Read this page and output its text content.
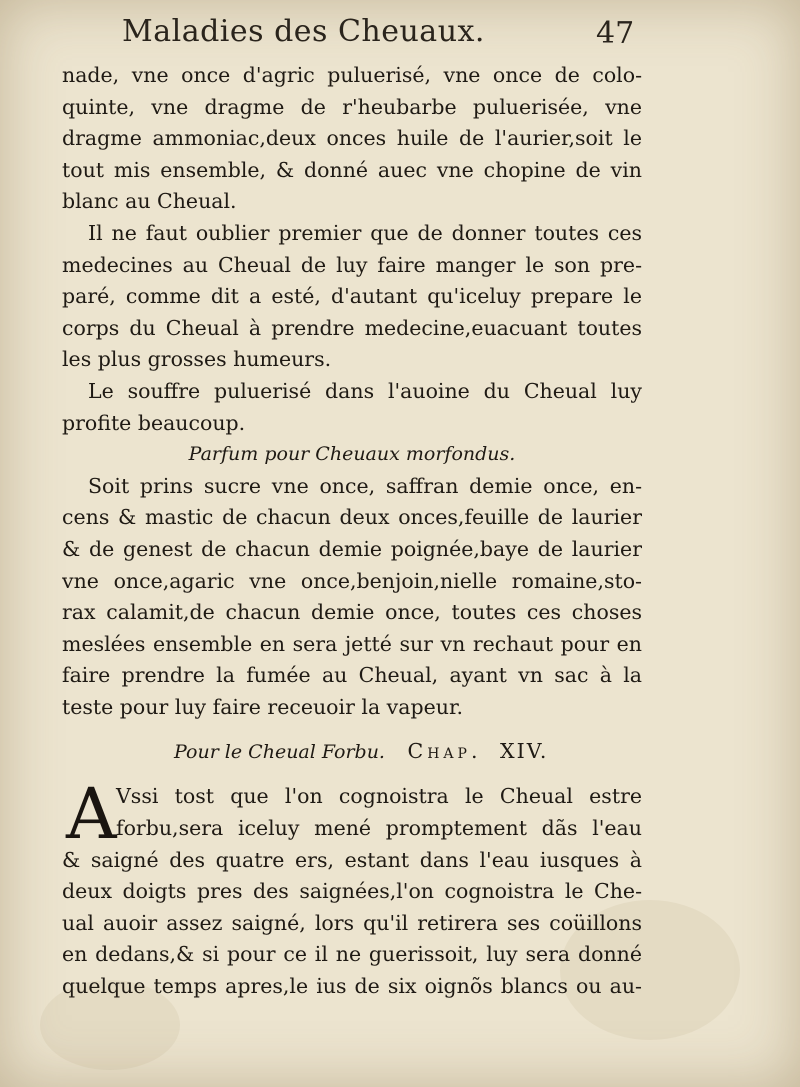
Maladies des Cheuaux.	47
nade, vne once d'agric puluerisé, vne once de colo-
quinte, vne dragme de r'heubarbe puluerisée, vne
dragme ammoniac,deux onces huile de l'aurier,soit le
tout mis ensemble, & donné auec vne chopine de vin
blanc au Cheual.
Il ne faut oublier premier que de donner toutes ces
medecines au Cheual de luy faire manger le son pre-
paré, comme dit a esté, d'autant qu'iceluy prepare le
corps du Cheual à prendre medecine,euacuant toutes
les plus grosses humeurs.
Le souffre puluerisé dans l'auoine du Cheual luy
profite beaucoup.
Parfum pour Cheuaux morfondus.
Soit prins sucre vne once, saffran demie once, en-
cens & mastic de chacun deux onces,feuille de laurier
& de genest de chacun demie poignée,baye de laurier
vne once,agaric vne once,benjoin,nielle romaine,sto-
rax calamit,de chacun demie once, toutes ces choses
meslées ensemble en sera jetté sur vn rechaut pour en
faire prendre la fumée au Cheual, ayant vn sac à la
teste pour luy faire receuoir la vapeur.
Pour le Cheual Forbu. Chap. XIV.
A Vssi tost que l'on cognoistra le Cheual estre
forbu,sera iceluy mené promptement dãs l'eau
& saigné des quatre ers, estant dans l'eau iusques à
deux doigts pres des saignées,l'on cognoistra le Che-
ual auoir assez saigné, lors qu'il retirera ses coüillons
en dedans,& si pour ce il ne guerissoit, luy sera donné
quelque temps apres,le ius de six oignõs blancs ou au-
